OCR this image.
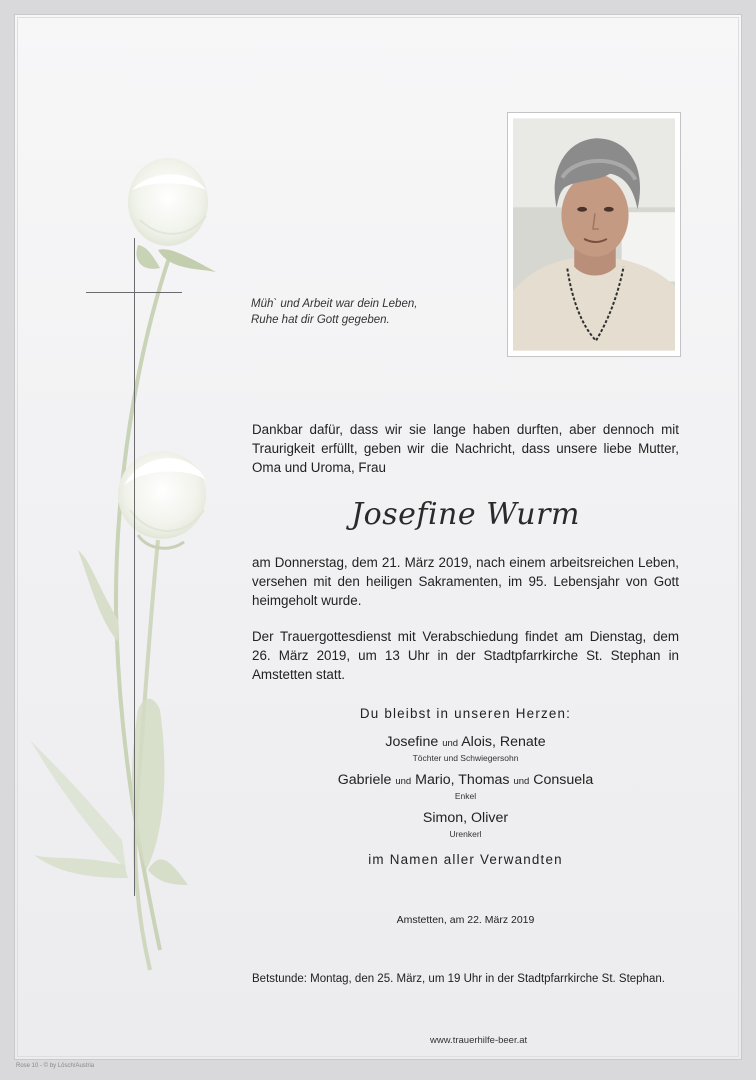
Müh` und Arbeit war dein Leben,
Ruhe hat dir Gott gegeben.
Dankbar dafür, dass wir sie lange haben durften, aber dennoch mit Traurigkeit erfüllt, geben wir die Nachricht, dass unsere liebe Mutter, Oma und Uroma, Frau
Josefine Wurm
am Donnerstag, dem 21. März 2019, nach einem arbeitsreichen Leben, versehen mit den heiligen Sakramenten, im 95. Lebensjahr von Gott heimgeholt wurde.
Der Trauergottesdienst mit Verabschiedung findet am Dienstag, dem 26. März 2019, um 13 Uhr in der Stadtpfarrkirche St. Stephan in Amstetten statt.
Du bleibst in unseren Herzen:
Josefine und Alois, Renate
Töchter und Schwiegersohn
Gabriele und Mario, Thomas und Consuela
Enkel
Simon, Oliver
Urenkerl
im Namen aller Verwandten
Amstetten, am 22. März 2019
Betstunde: Montag, den 25. März, um 19 Uhr in der Stadtpfarrkirche St. Stephan.
www.trauerhilfe-beer.at
Rose 10 - © by Lösch/Austria
